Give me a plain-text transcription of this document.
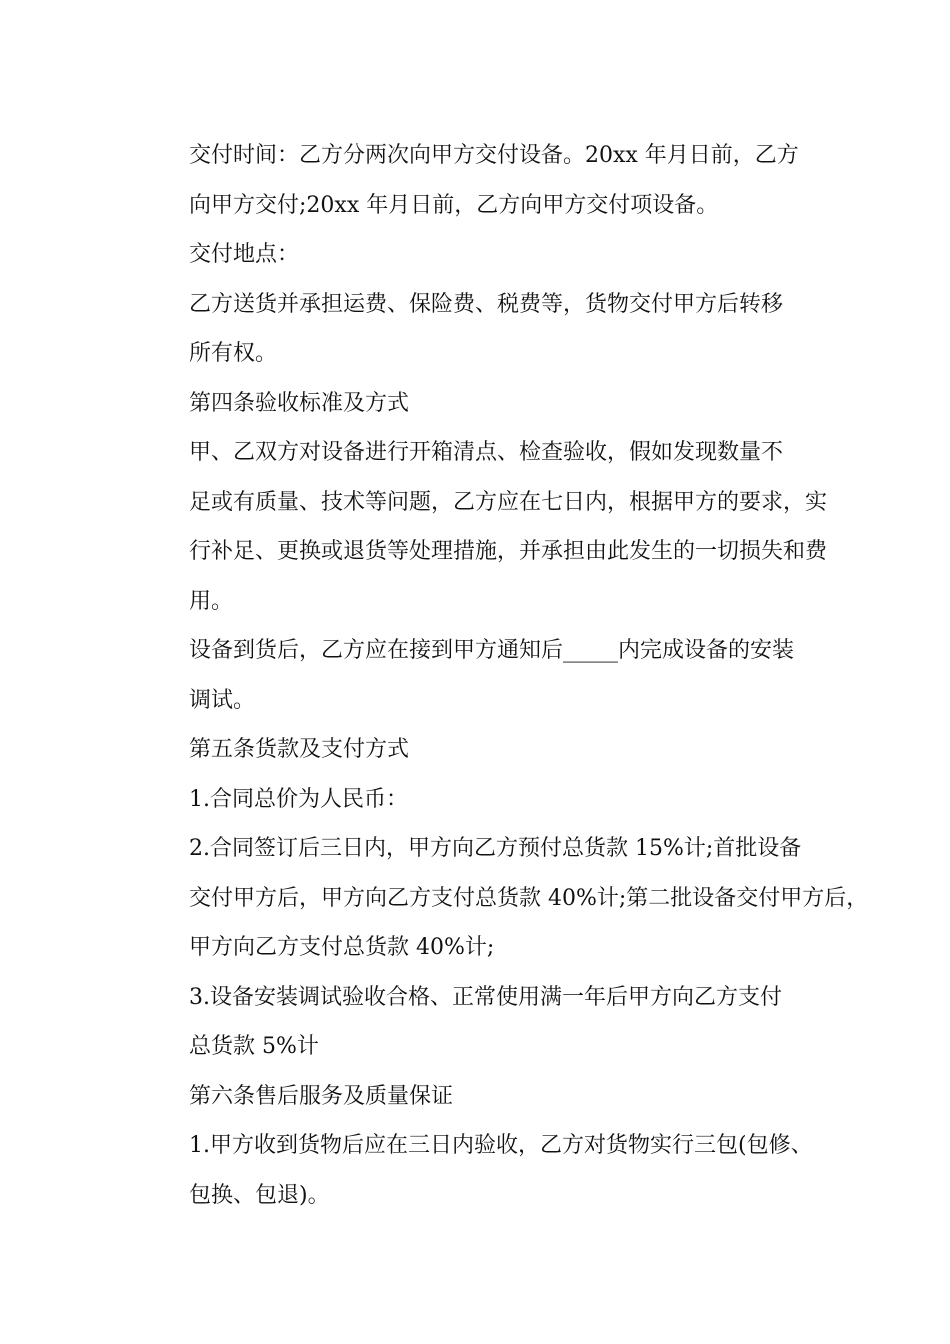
交付时间：乙方分两次向甲方交付设备。20xx 年月日前，乙方
向甲方交付;20xx 年月日前，乙方向甲方交付项设备。

交付地点：

乙方送货并承担运费、保险费、税费等，货物交付甲方后转移
所有权。

第四条验收标准及方式

甲、乙双方对设备进行开箱清点、检查验收，假如发现数量不
足或有质量、技术等问题，乙方应在七日内，根据甲方的要求，实
行补足、更换或退货等处理措施，并承担由此发生的一切损失和费
用。

设备到货后，乙方应在接到甲方通知后_____内完成设备的安装
调试。

第五条货款及支付方式

1.合同总价为人民币：

2.合同签订后三日内，甲方向乙方预付总货款 15%计;首批设备
交付甲方后，甲方向乙方支付总货款 40%计;第二批设备交付甲方后，
甲方向乙方支付总货款 40%计;

3.设备安装调试验收合格、正常使用满一年后甲方向乙方支付
总货款 5%计

第六条售后服务及质量保证

1.甲方收到货物后应在三日内验收，乙方对货物实行三包(包修、
包换、包退)。
